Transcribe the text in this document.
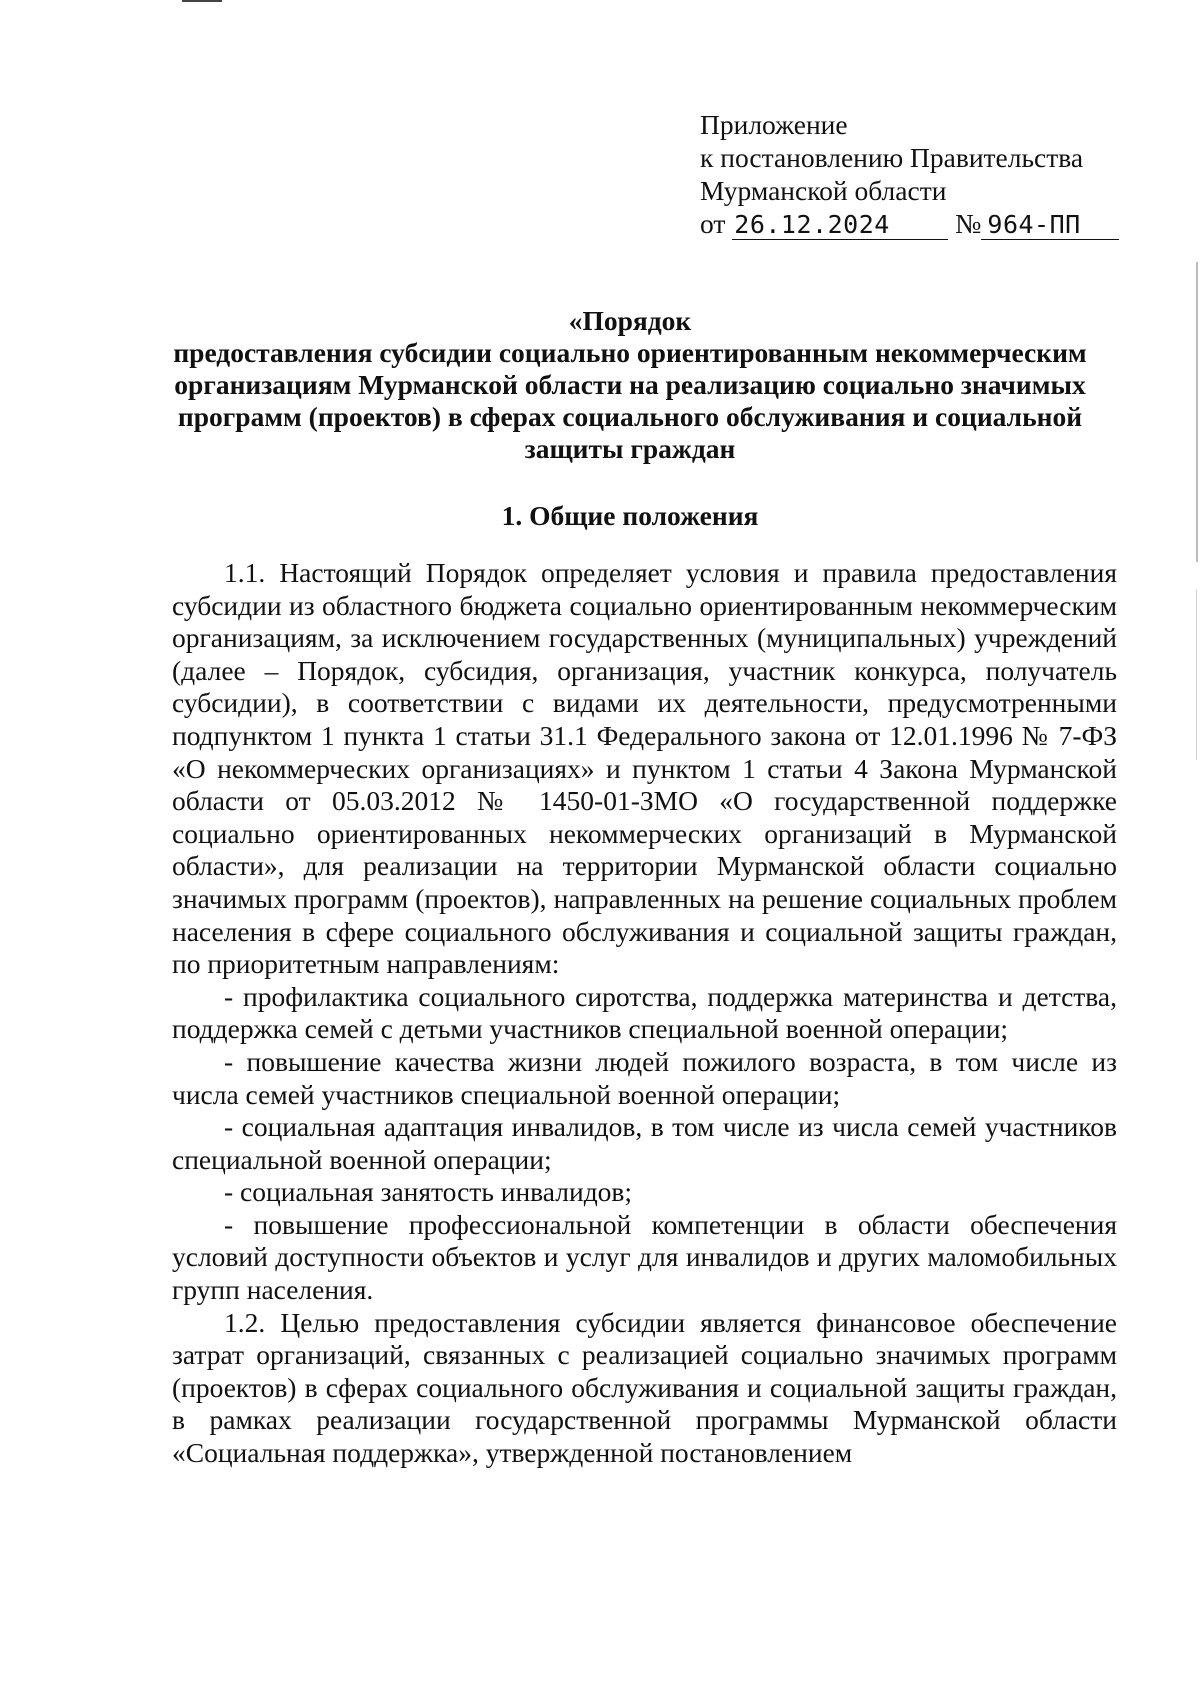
Приложение
к постановлению Правительства
Мурманской области
от 26.12.2024 № 964-ПП
«Порядок
предоставления субсидии социально ориентированным некоммерческим
организациям Мурманской области на реализацию социально значимых
программ (проектов) в сферах социального обслуживания и социальной
защиты граждан
1. Общие положения

1.1. Настоящий Порядок определяет условия и правила предоставления субсидии из областного бюджета социально ориентированным некоммерческим организациям, за исключением государственных (муниципальных) учреждений (далее – Порядок, субсидия, организация, участник конкурса, получатель субсидии), в соответствии с видами их деятельности, предусмотренными подпунктом 1 пункта 1 статьи 31.1 Федерального закона от 12.01.1996 № 7-ФЗ «О некоммерческих организациях» и пунктом 1 статьи 4 Закона Мурманской области от 05.03.2012 № 1450-01-ЗМО «О государственной поддержке социально ориентированных некоммерческих организаций в Мурманской области», для реализации на территории Мурманской области социально значимых программ (проектов), направленных на решение социальных проблем населения в сфере социального обслуживания и социальной защиты граждан, по приоритетным направлениям:

- профилактика социального сиротства, поддержка материнства и детства, поддержка семей с детьми участников специальной военной операции;

- повышение качества жизни людей пожилого возраста, в том числе из числа семей участников специальной военной операции;

- социальная адаптация инвалидов, в том числе из числа семей участников специальной военной операции;

- социальная занятость инвалидов;

- повышение профессиональной компетенции в области обеспечения условий доступности объектов и услуг для инвалидов и других маломобильных групп населения.

1.2. Целью предоставления субсидии является финансовое обеспечение затрат организаций, связанных с реализацией социально значимых программ (проектов) в сферах социального обслуживания и социальной защиты граждан, в рамках реализации государственной программы Мурманской области «Социальная поддержка», утвержденной постановлением
